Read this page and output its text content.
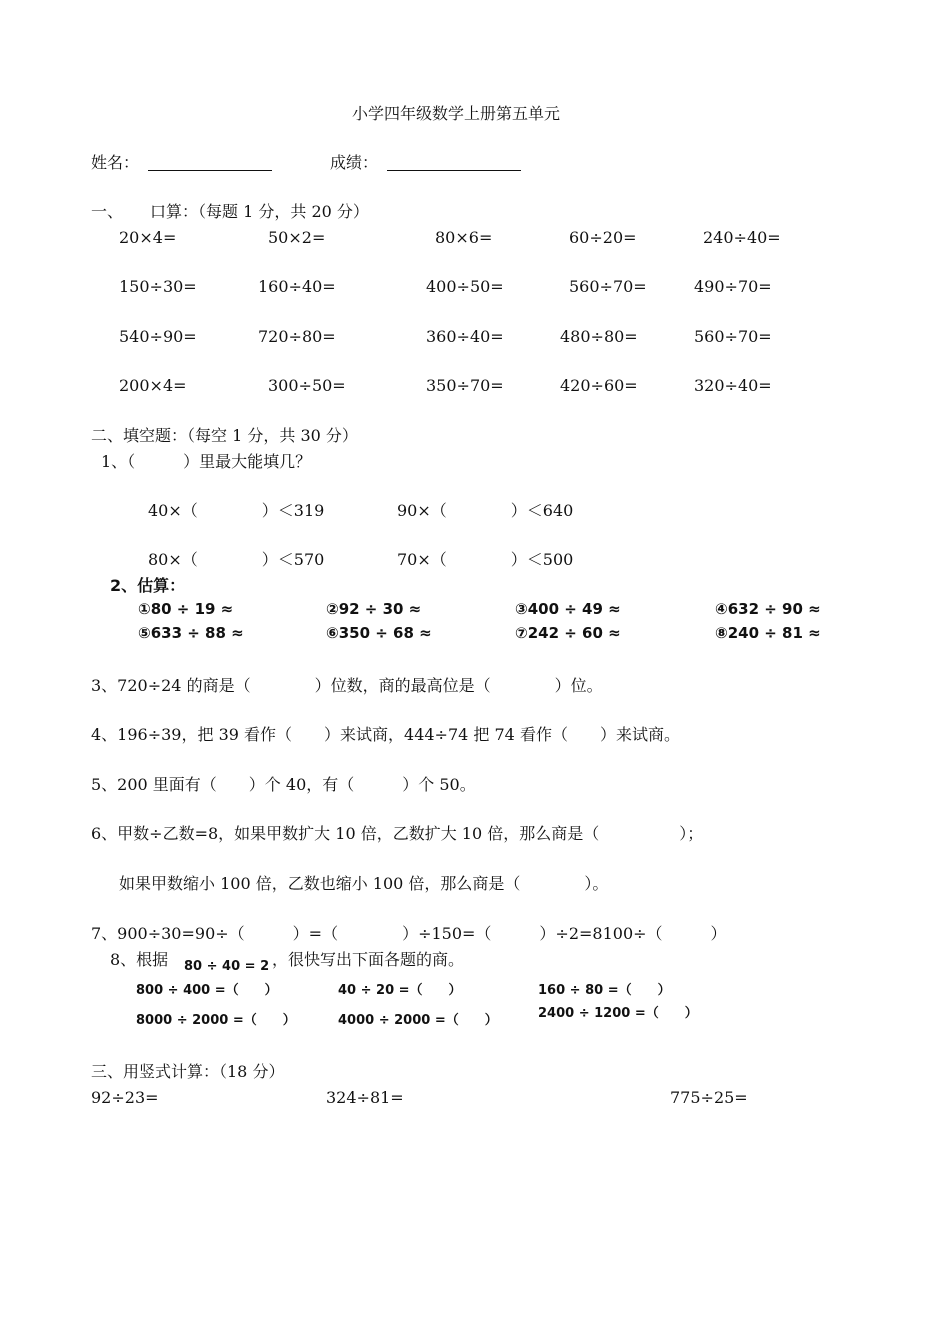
小学四年级数学上册第五单元
姓名：	成绩：
一、 口算：（每题 1 分，共 20 分）
20×4=	50×2=	80×6=	60÷20=	240÷40=
150÷30=	160÷40=	400÷50=	560÷70=	490÷70=
540÷90=	720÷80=	360÷40=	480÷80=	560÷70=
200×4=	300÷50=	350÷70=	420÷60=	320÷40=
二、填空题：（每空 1 分，共 30 分）
1、（　　　）里最大能填几？
40×（　　　　）＜319	90×（　　　　）＜640
80×（　　　　）＜570	70×（　　　　）＜500
2、估算：
①80 ÷ 19 ≈	②92 ÷ 30 ≈	③400 ÷ 49 ≈	④632 ÷ 90 ≈
⑤633 ÷ 88 ≈	⑥350 ÷ 68 ≈	⑦242 ÷ 60 ≈	⑧240 ÷ 81 ≈
3、720÷24 的商是（　　　　）位数，商的最高位是（　　　　）位。
4、196÷39，把 39 看作（　　）来试商，444÷74 把 74 看作（　　）来试商。
5、200 里面有（　　）个 40，有（　　　）个 50。
6、甲数÷乙数=8，如果甲数扩大 10 倍，乙数扩大 10 倍，那么商是（　　　　　）；
如果甲数缩小 100 倍，乙数也缩小 100 倍，那么商是（　　　　）。
7、900÷30=90÷（　　　）=（　　　　）÷150=（　　　）÷2=8100÷（　　　）
8、根据 80 ÷ 40 = 2 ，很快写出下面各题的商。
800 ÷ 400 =（　　）	40 ÷ 20 =（　　）	160 ÷ 80 =（　　）
8000 ÷ 2000 =（　　）	4000 ÷ 2000 =（　　）	2400 ÷ 1200 =（　　）
三、用竖式计算：（18 分）
92÷23=	324÷81=	775÷25=
